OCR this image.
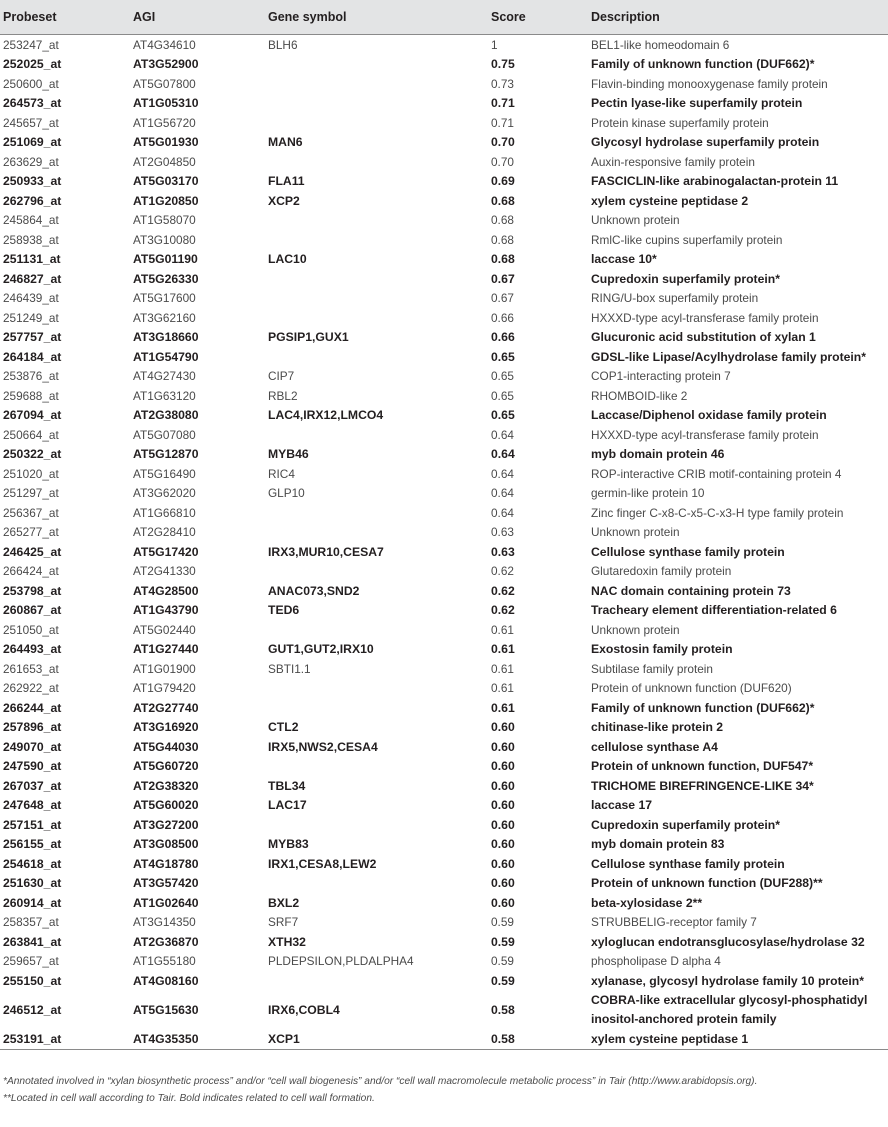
Probeset	AGI	Gene symbol	Score	Description
253247_at	AT4G34610	BLH6	1	BEL1-like homeodomain 6
252025_at	AT3G52900		0.75	Family of unknown function (DUF662)*
250600_at	AT5G07800		0.73	Flavin-binding monooxygenase family protein
264573_at	AT1G05310		0.71	Pectin lyase-like superfamily protein
245657_at	AT1G56720		0.71	Protein kinase superfamily protein
251069_at	AT5G01930	MAN6	0.70	Glycosyl hydrolase superfamily protein
263629_at	AT2G04850		0.70	Auxin-responsive family protein
250933_at	AT5G03170	FLA11	0.69	FASCICLIN-like arabinogalactan-protein 11
262796_at	AT1G20850	XCP2	0.68	xylem cysteine peptidase 2
245864_at	AT1G58070		0.68	Unknown protein
258938_at	AT3G10080		0.68	RmlC-like cupins superfamily protein
251131_at	AT5G01190	LAC10	0.68	laccase 10*
246827_at	AT5G26330		0.67	Cupredoxin superfamily protein*
246439_at	AT5G17600		0.67	RING/U-box superfamily protein
251249_at	AT3G62160		0.66	HXXXD-type acyl-transferase family protein
257757_at	AT3G18660	PGSIP1,GUX1	0.66	Glucuronic acid substitution of xylan 1
264184_at	AT1G54790		0.65	GDSL-like Lipase/Acylhydrolase family protein*
253876_at	AT4G27430	CIP7	0.65	COP1-interacting protein 7
259688_at	AT1G63120	RBL2	0.65	RHOMBOID-like 2
267094_at	AT2G38080	LAC4,IRX12,LMCO4	0.65	Laccase/Diphenol oxidase family protein
250664_at	AT5G07080		0.64	HXXXD-type acyl-transferase family protein
250322_at	AT5G12870	MYB46	0.64	myb domain protein 46
251020_at	AT5G16490	RIC4	0.64	ROP-interactive CRIB motif-containing protein 4
251297_at	AT3G62020	GLP10	0.64	germin-like protein 10
256367_at	AT1G66810		0.64	Zinc finger C-x8-C-x5-C-x3-H type family protein
265277_at	AT2G28410		0.63	Unknown protein
246425_at	AT5G17420	IRX3,MUR10,CESA7	0.63	Cellulose synthase family protein
266424_at	AT2G41330		0.62	Glutaredoxin family protein
253798_at	AT4G28500	ANAC073,SND2	0.62	NAC domain containing protein 73
260867_at	AT1G43790	TED6	0.62	Tracheary element differentiation-related 6
251050_at	AT5G02440		0.61	Unknown protein
264493_at	AT1G27440	GUT1,GUT2,IRX10	0.61	Exostosin family protein
261653_at	AT1G01900	SBTI1.1	0.61	Subtilase family protein
262922_at	AT1G79420		0.61	Protein of unknown function (DUF620)
266244_at	AT2G27740		0.61	Family of unknown function (DUF662)*
257896_at	AT3G16920	CTL2	0.60	chitinase-like protein 2
249070_at	AT5G44030	IRX5,NWS2,CESA4	0.60	cellulose synthase A4
247590_at	AT5G60720		0.60	Protein of unknown function, DUF547*
267037_at	AT2G38320	TBL34	0.60	TRICHOME BIREFRINGENCE-LIKE 34*
247648_at	AT5G60020	LAC17	0.60	laccase 17
257151_at	AT3G27200		0.60	Cupredoxin superfamily protein*
256155_at	AT3G08500	MYB83	0.60	myb domain protein 83
254618_at	AT4G18780	IRX1,CESA8,LEW2	0.60	Cellulose synthase family protein
251630_at	AT3G57420		0.60	Protein of unknown function (DUF288)**
260914_at	AT1G02640	BXL2	0.60	beta-xylosidase 2**
258357_at	AT3G14350	SRF7	0.59	STRUBBELIG-receptor family 7
263841_at	AT2G36870	XTH32	0.59	xyloglucan endotransglucosylase/hydrolase 32
259657_at	AT1G55180	PLDEPSILON,PLDALPHA4	0.59	phospholipase D alpha 4
255150_at	AT4G08160		0.59	xylanase, glycosyl hydrolase family 10 protein*
246512_at	AT5G15630	IRX6,COBL4	0.58	COBRA-like extracellular glycosyl-phosphatidyl inositol-anchored protein family
253191_at	AT4G35350	XCP1	0.58	xylem cysteine peptidase 1

*Annotated involved in “xylan biosynthetic process” and/or “cell wall biogenesis” and/or “cell wall macromolecule metabolic process” in Tair (http://www.arabidopsis.org).

**Located in cell wall according to Tair. Bold indicates related to cell wall formation.
